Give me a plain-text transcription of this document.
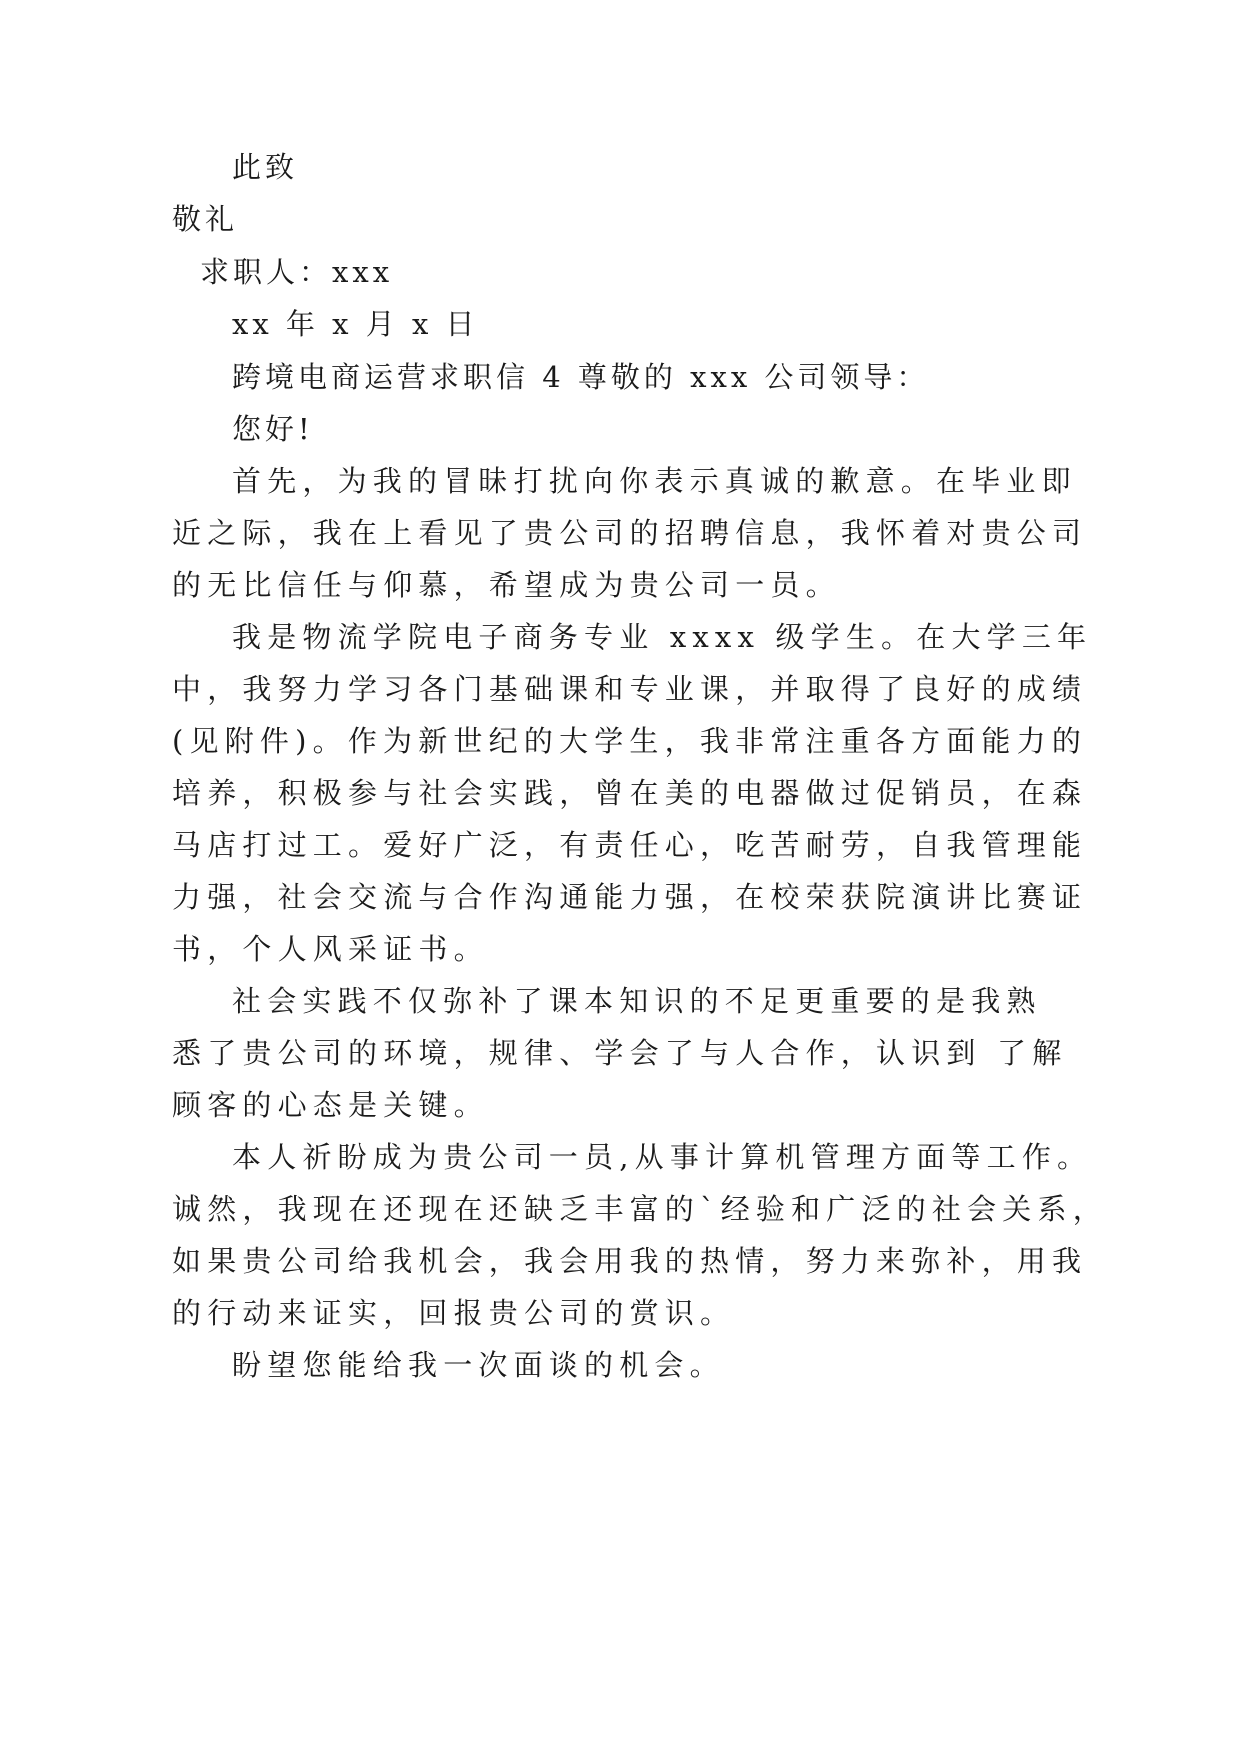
此致
敬礼
求职人：xxx
xx 年 x 月 x 日
跨境电商运营求职信 4 尊敬的 xxx 公司领导：
您好!
首先，为我的冒昧打扰向你表示真诚的歉意。在毕业即
近之际，我在上看见了贵公司的招聘信息，我怀着对贵公司
的无比信任与仰慕，希望成为贵公司一员。
我是物流学院电子商务专业 xxxx 级学生。在大学三年
中，我努力学习各门基础课和专业课，并取得了良好的成绩
(见附件)。作为新世纪的大学生，我非常注重各方面能力的
培养，积极参与社会实践，曾在美的电器做过促销员，在森
马店打过工。爱好广泛，有责任心，吃苦耐劳，自我管理能
力强，社会交流与合作沟通能力强，在校荣获院演讲比赛证
书，个人风采证书。
社会实践不仅弥补了课本知识的不足更重要的是我熟
悉了贵公司的环境，规律、学会了与人合作，认识到 了解
顾客的心态是关键。
本人祈盼成为贵公司一员,从事计算机管理方面等工作。
诚然，我现在还现在还缺乏丰富的`经验和广泛的社会关系，
如果贵公司给我机会，我会用我的热情，努力来弥补，用我
的行动来证实，回报贵公司的赏识。
盼望您能给我一次面谈的机会。
